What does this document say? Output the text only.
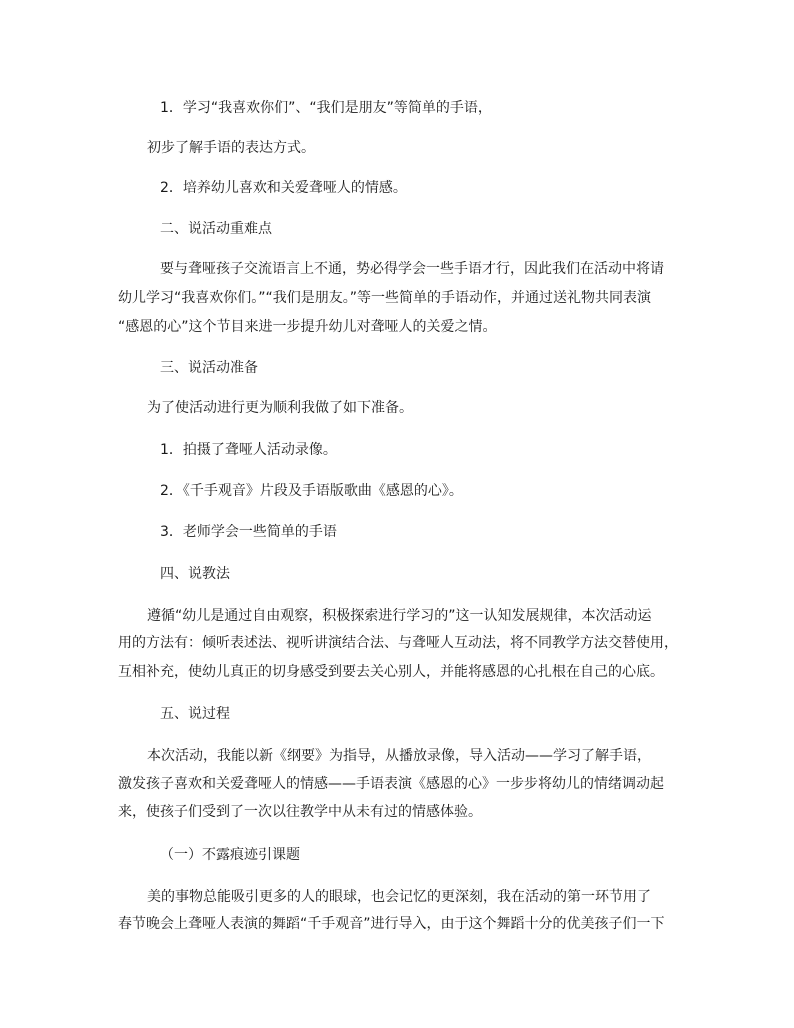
1．学习“我喜欢你们”、“我们是朋友”等简单的手语，
初步了解手语的表达方式。
2．培养幼儿喜欢和关爱聋哑人的情感。
二、说活动重难点
要与聋哑孩子交流语言上不通，势必得学会一些手语才行，因此我们在活动中将请
幼儿学习“我喜欢你们。”“我们是朋友。”等一些简单的手语动作，并通过送礼物共同表演
“感恩的心”这个节目来进一步提升幼儿对聋哑人的关爱之情。
三、说活动准备
为了使活动进行更为顺利我做了如下准备。
1．拍摄了聋哑人活动录像。
2．《千手观音》片段及手语版歌曲《感恩的心》。
3．老师学会一些简单的手语
四、说教法
遵循“幼儿是通过自由观察，积极探索进行学习的”这一认知发展规律，本次活动运
用的方法有：倾听表述法、视听讲演结合法、与聋哑人互动法，将不同教学方法交替使用，
互相补充，使幼儿真正的切身感受到要去关心别人，并能将感恩的心扎根在自己的心底。
五、说过程
本次活动，我能以新《纲要》为指导，从播放录像，导入活动——学习了解手语，
激发孩子喜欢和关爱聋哑人的情感——手语表演《感恩的心》一步步将幼儿的情绪调动起
来，使孩子们受到了一次以往教学中从未有过的情感体验。
（一）不露痕迹引课题
美的事物总能吸引更多的人的眼球，也会记忆的更深刻，我在活动的第一环节用了
春节晚会上聋哑人表演的舞蹈“千手观音”进行导入，由于这个舞蹈十分的优美孩子们一下
